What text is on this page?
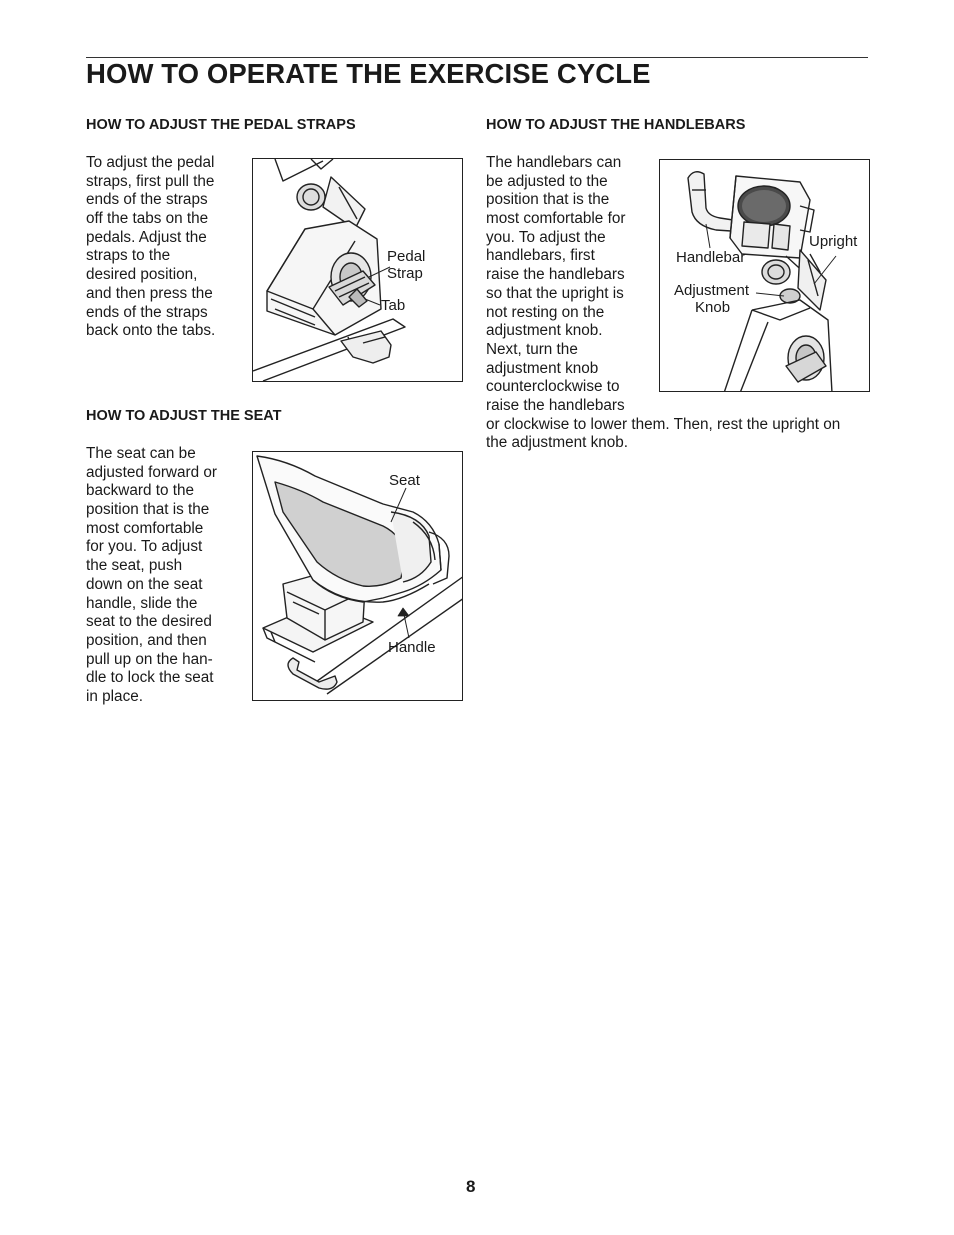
HOW TO OPERATE THE EXERCISE CYCLE
HOW TO ADJUST THE PEDAL STRAPS
To adjust the pedal
straps, first pull the
ends of the straps
off the tabs on the
pedals. Adjust the
straps to the
desired position,
and then press the
ends of the straps
back onto the tabs.
Pedal
Strap
Tab
HOW TO ADJUST THE SEAT
The seat can be
adjusted forward or
backward to the
position that is the
most comfortable
for you. To adjust
the seat, push
down on the seat
handle, slide the
seat to the desired
position, and then
pull up on the han-
dle to lock the seat
in place.
Seat
Handle
HOW TO ADJUST THE HANDLEBARS
The handlebars can
be adjusted to the
position that is the
most comfortable for
you. To adjust the
handlebars, first
raise the handlebars
so that the upright is
not resting on the
adjustment knob.
Next, turn the
adjustment knob
counterclockwise to
raise the handlebars
or clockwise to lower them. Then, rest the upright on
the adjustment knob.
Handlebar
Upright
Adjustment
Knob
8
